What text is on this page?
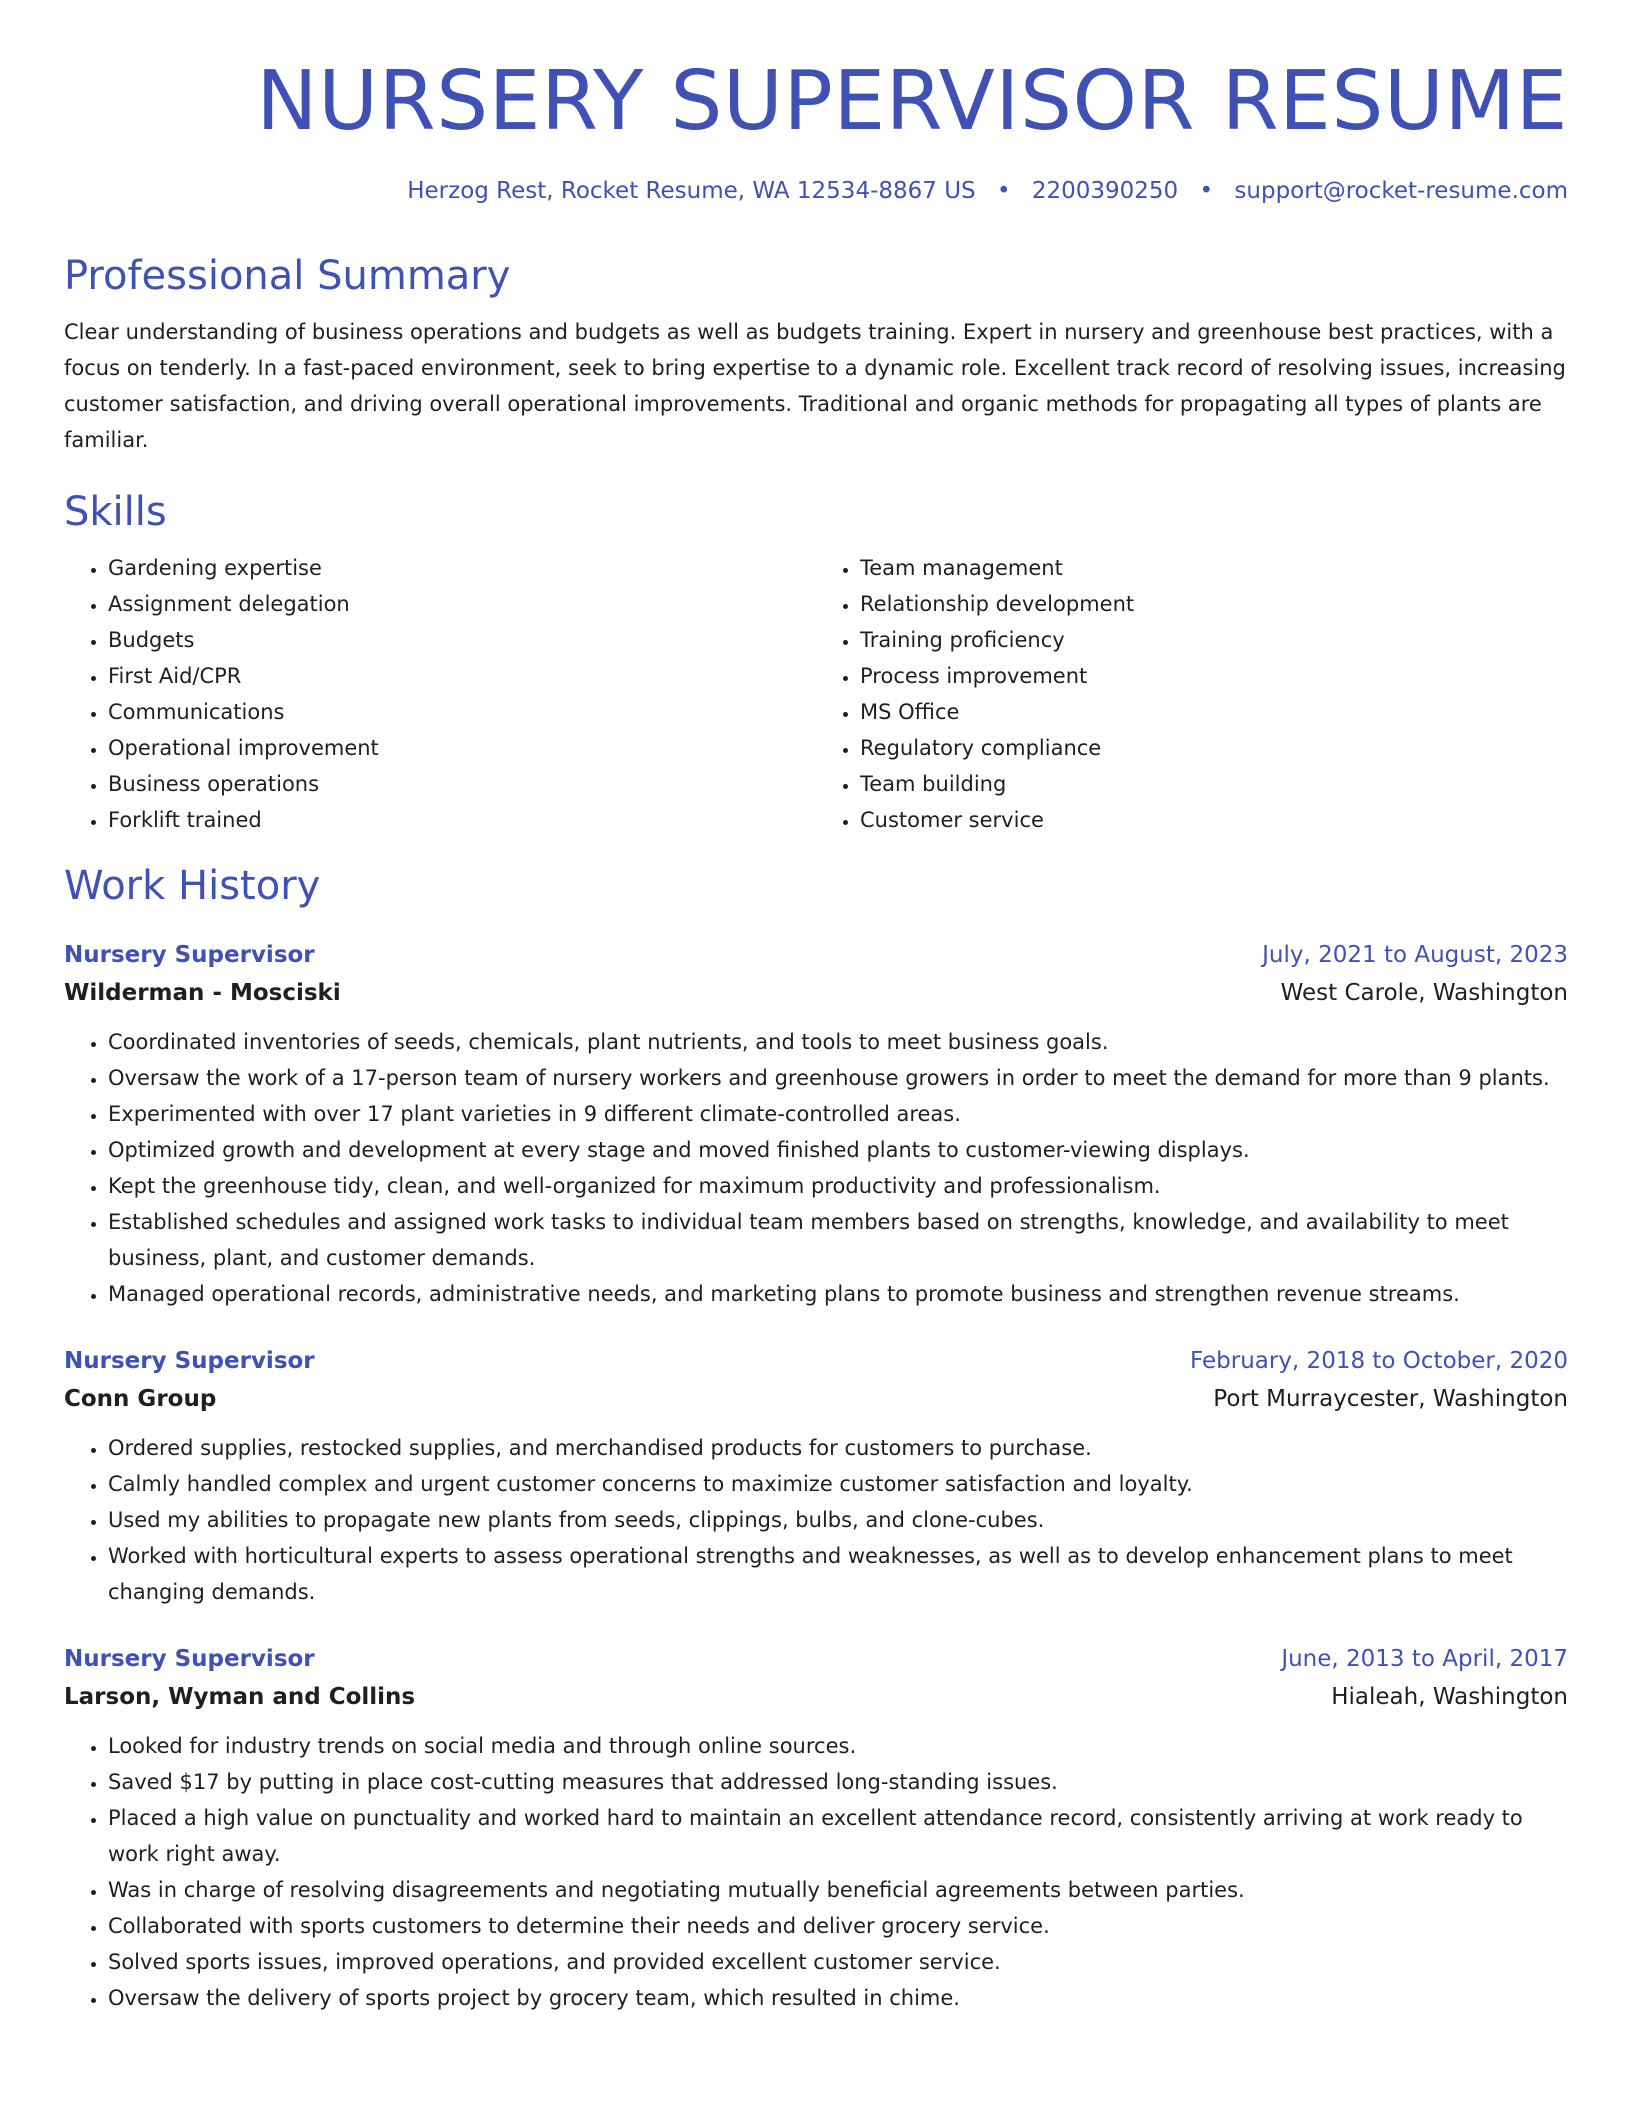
NURSERY SUPERVISOR RESUME
Herzog Rest, Rocket Resume, WA 12534-8867 US • 2200390250 • support@rocket-resume.com
Professional Summary

Clear understanding of business operations and budgets as well as budgets training. Expert in nursery and greenhouse best practices, with a focus on tenderly. In a fast-paced environment, seek to bring expertise to a dynamic role. Excellent track record of resolving issues, increasing customer satisfaction, and driving overall operational improvements. Traditional and organic methods for propagating all types of plants are familiar.

Skills
• Gardening expertise
• Assignment delegation
• Budgets
• First Aid/CPR
• Communications
• Operational improvement
• Business operations
• Forklift trained
• Team management
• Relationship development
• Training proficiency
• Process improvement
• MS Office
• Regulatory compliance
• Team building
• Customer service
Work History
Nursery Supervisor	July, 2021 to August, 2023
Wilderman - Mosciski	West Carole, Washington
• Coordinated inventories of seeds, chemicals, plant nutrients, and tools to meet business goals.
• Oversaw the work of a 17-person team of nursery workers and greenhouse growers in order to meet the demand for more than 9 plants.
• Experimented with over 17 plant varieties in 9 different climate-controlled areas.
• Optimized growth and development at every stage and moved finished plants to customer-viewing displays.
• Kept the greenhouse tidy, clean, and well-organized for maximum productivity and professionalism.
• Established schedules and assigned work tasks to individual team members based on strengths, knowledge, and availability to meet business, plant, and customer demands.
• Managed operational records, administrative needs, and marketing plans to promote business and strengthen revenue streams.
Nursery Supervisor	February, 2018 to October, 2020
Conn Group	Port Murraycester, Washington
• Ordered supplies, restocked supplies, and merchandised products for customers to purchase.
• Calmly handled complex and urgent customer concerns to maximize customer satisfaction and loyalty.
• Used my abilities to propagate new plants from seeds, clippings, bulbs, and clone-cubes.
• Worked with horticultural experts to assess operational strengths and weaknesses, as well as to develop enhancement plans to meet changing demands.
Nursery Supervisor	June, 2013 to April, 2017
Larson, Wyman and Collins	Hialeah, Washington
• Looked for industry trends on social media and through online sources.
• Saved $17 by putting in place cost-cutting measures that addressed long-standing issues.
• Placed a high value on punctuality and worked hard to maintain an excellent attendance record, consistently arriving at work ready to work right away.
• Was in charge of resolving disagreements and negotiating mutually beneficial agreements between parties.
• Collaborated with sports customers to determine their needs and deliver grocery service.
• Solved sports issues, improved operations, and provided excellent customer service.
• Oversaw the delivery of sports project by grocery team, which resulted in chime.
